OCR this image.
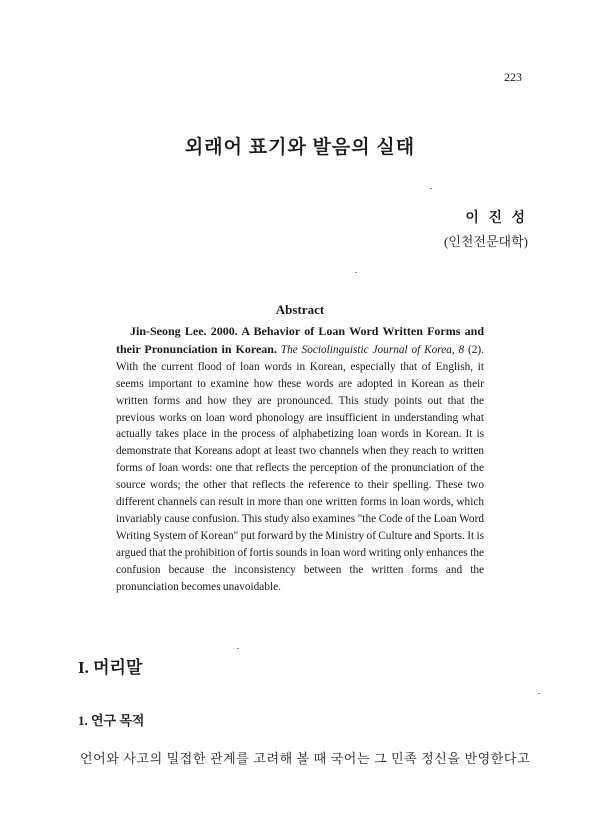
223
외래어 표기와 발음의 실태
이 진 성
(인천전문대학)
Abstract
Jin-Seong Lee. 2000. A Behavior of Loan Word Written Forms and their Pronunciation in Korean. The Sociolinguistic Journal of Korea, 8 (2). With the current flood of loan words in Korean, especially that of English, it seems important to examine how these words are adopted in Korean as their written forms and how they are pronounced. This study points out that the previous works on loan word phonology are insufficient in understanding what actually takes place in the process of alphabetizing loan words in Korean. It is demonstrate that Koreans adopt at least two channels when they reach to written forms of loan words: one that reflects the perception of the pronunciation of the source words; the other that reflects the reference to their spelling. These two different channels can result in more than one written forms in loan words, which invariably cause confusion. This study also examines "the Code of the Loan Word Writing System of Korean" put forward by the Ministry of Culture and Sports. It is argued that the prohibition of fortis sounds in loan word writing only enhances the confusion because the inconsistency between the written forms and the pronunciation becomes unavoidable.
I. 머리말
1. 연구 목적
언어와 사고의 밀접한 관계를 고려해 볼 때 국어는 그 민족 정신을 반영한다고
